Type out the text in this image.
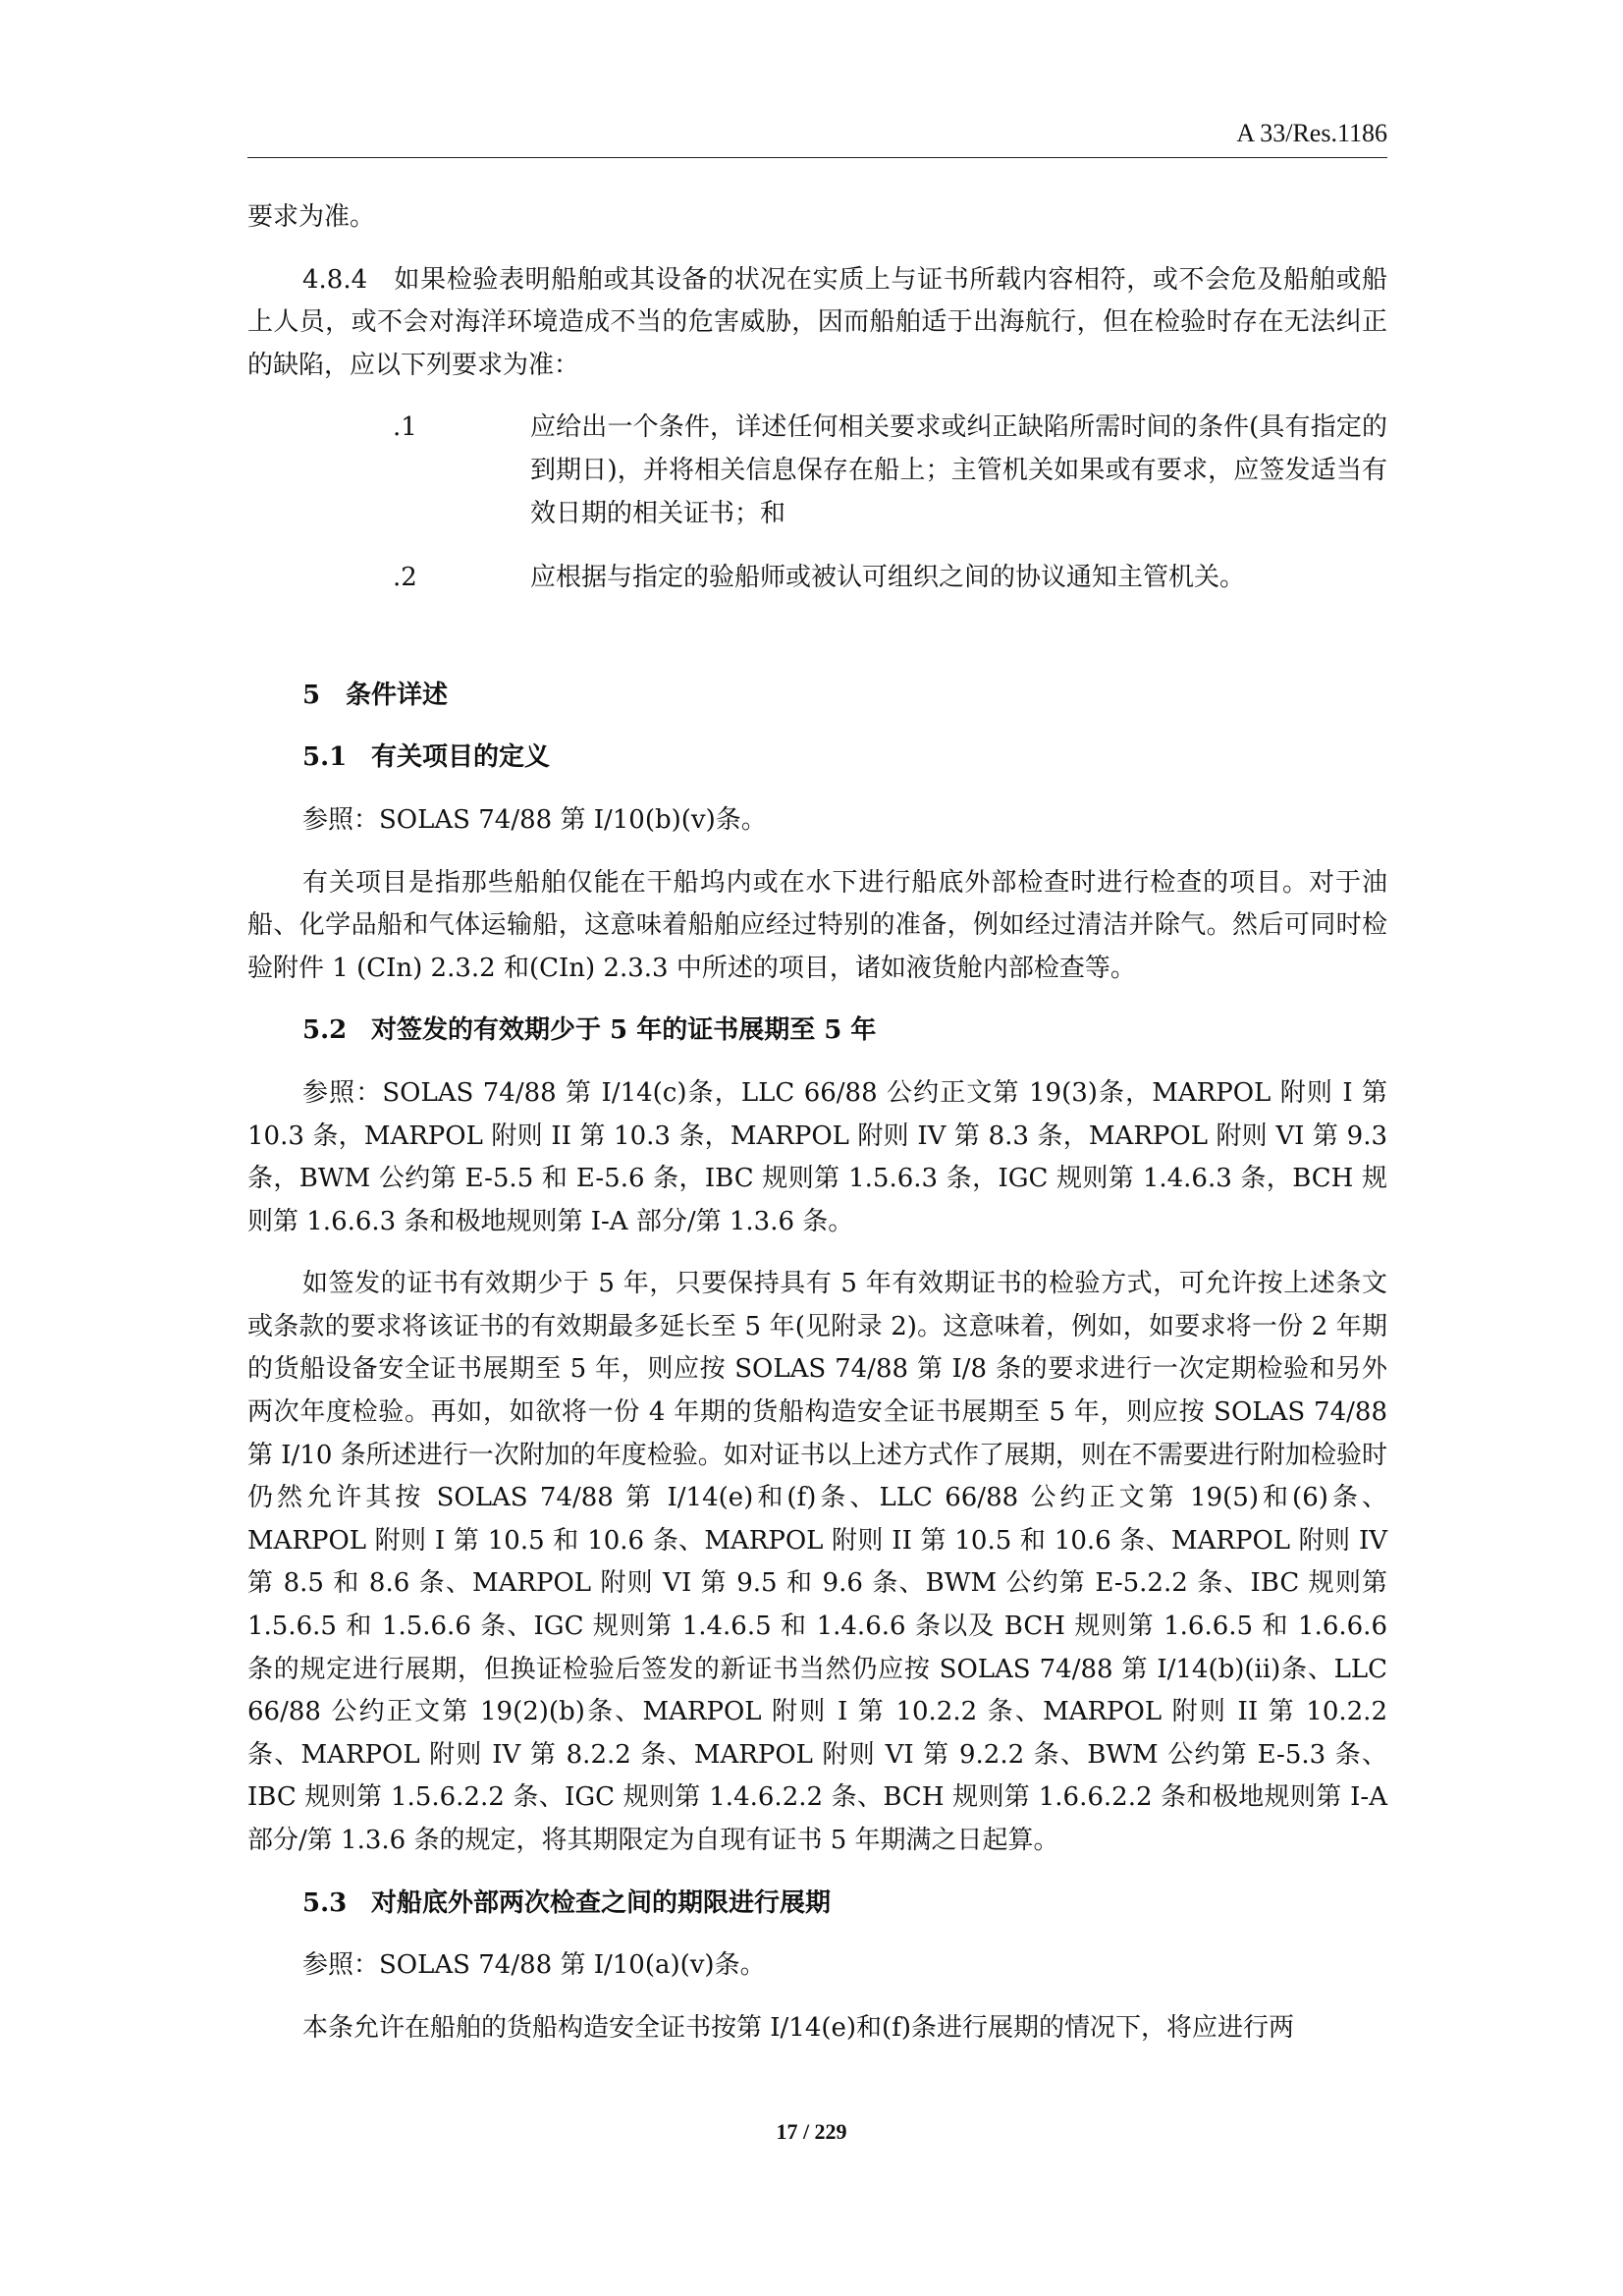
A 33/Res.1186

要求为准。

4.8.4　如果检验表明船舶或其设备的状况在实质上与证书所载内容相符，或不会危及船舶或船上人员，或不会对海洋环境造成不当的危害威胁，因而船舶适于出海航行，但在检验时存在无法纠正的缺陷，应以下列要求为准：

.1	应给出一个条件，详述任何相关要求或纠正缺陷所需时间的条件(具有指定的到期日)，并将相关信息保存在船上；主管机关如果或有要求，应签发适当有效日期的相关证书；和
.2	应根据与指定的验船师或被认可组织之间的协议通知主管机关。
5 条件详述
5.1 有关项目的定义

参照：SOLAS 74/88 第 I/10(b)(v)条。

有关项目是指那些船舶仅能在干船坞内或在水下进行船底外部检查时进行检查的项目。对于油船、化学品船和气体运输船，这意味着船舶应经过特别的准备，例如经过清洁并除气。然后可同时检验附件 1 (CIn) 2.3.2 和(CIn) 2.3.3 中所述的项目，诸如液货舱内部检查等。

5.2 对签发的有效期少于 5 年的证书展期至 5 年

参照：SOLAS 74/88 第 I/14(c)条，LLC 66/88 公约正文第 19(3)条，MARPOL 附则 I 第 10.3 条，MARPOL 附则 II 第 10.3 条，MARPOL 附则 IV 第 8.3 条，MARPOL 附则 VI 第 9.3 条，BWM 公约第 E-5.5 和 E-5.6 条，IBC 规则第 1.5.6.3 条，IGC 规则第 1.4.6.3 条，BCH 规则第 1.6.6.3 条和极地规则第 I-A 部分/第 1.3.6 条。

如签发的证书有效期少于 5 年，只要保持具有 5 年有效期证书的检验方式，可允许按上述条文或条款的要求将该证书的有效期最多延长至 5 年(见附录 2)。这意味着，例如，如要求将一份 2 年期的货船设备安全证书展期至 5 年，则应按 SOLAS 74/88 第 I/8 条的要求进行一次定期检验和另外两次年度检验。再如，如欲将一份 4 年期的货船构造安全证书展期至 5 年，则应按 SOLAS 74/88 第 I/10 条所述进行一次附加的年度检验。如对证书以上述方式作了展期，则在不需要进行附加检验时仍然允许其按 SOLAS 74/88 第 I/14(e)和(f)条、LLC 66/88 公约正文第 19(5)和(6)条、MARPOL 附则 I 第 10.5 和 10.6 条、MARPOL 附则 II 第 10.5 和 10.6 条、MARPOL 附则 IV 第 8.5 和 8.6 条、MARPOL 附则 VI 第 9.5 和 9.6 条、BWM 公约第 E-5.2.2 条、IBC 规则第 1.5.6.5 和 1.5.6.6 条、IGC 规则第 1.4.6.5 和 1.4.6.6 条以及 BCH 规则第 1.6.6.5 和 1.6.6.6 条的规定进行展期，但换证检验后签发的新证书当然仍应按 SOLAS 74/88 第 I/14(b)(ii)条、LLC 66/88 公约正文第 19(2)(b)条、MARPOL 附则 I 第 10.2.2 条、MARPOL 附则 II 第 10.2.2 条、MARPOL 附则 IV 第 8.2.2 条、MARPOL 附则 VI 第 9.2.2 条、BWM 公约第 E-5.3 条、IBC 规则第 1.5.6.2.2 条、IGC 规则第 1.4.6.2.2 条、BCH 规则第 1.6.6.2.2 条和极地规则第 I-A 部分/第 1.3.6 条的规定，将其期限定为自现有证书 5 年期满之日起算。

5.3 对船底外部两次检查之间的期限进行展期

参照：SOLAS 74/88 第 I/10(a)(v)条。

本条允许在船舶的货船构造安全证书按第 I/14(e)和(f)条进行展期的情况下，将应进行两

17 / 229
